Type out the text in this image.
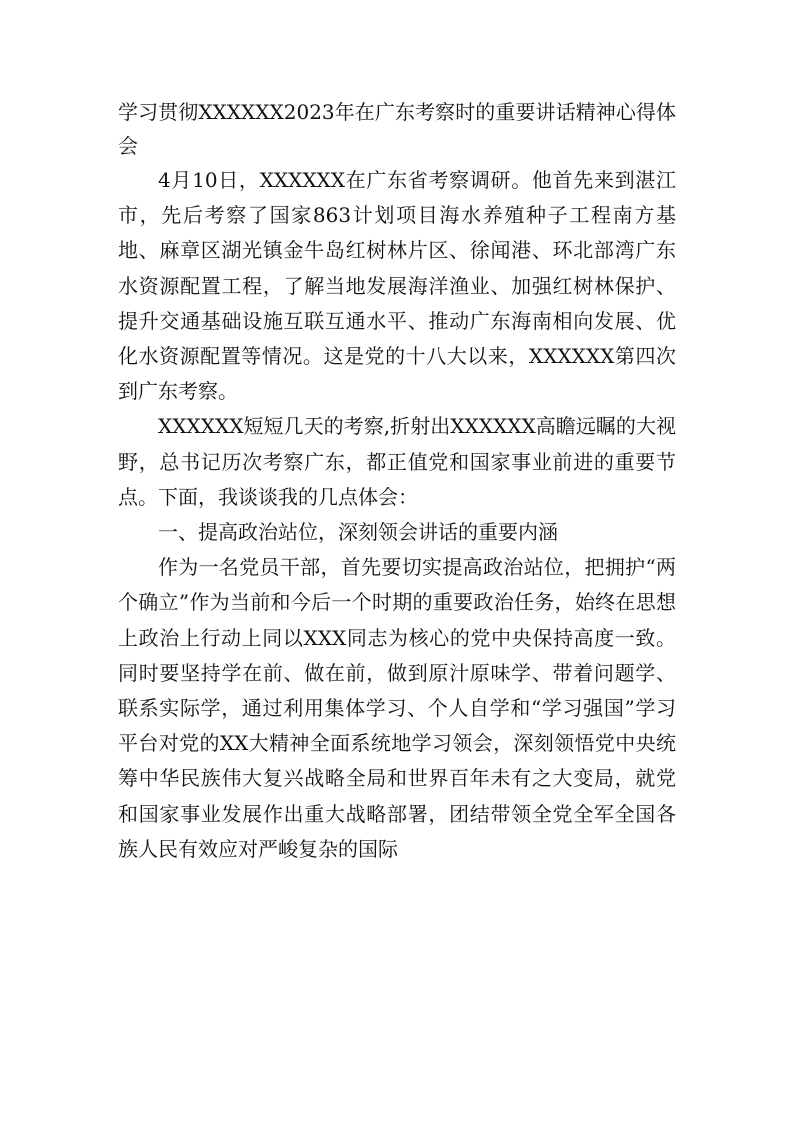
学习贯彻XXXXXX2023年在广东考察时的重要讲话精神心得体会

4月10日，XXXXXX在广东省考察调研。他首先来到湛江市，先后考察了国家863计划项目海水养殖种子工程南方基地、麻章区湖光镇金牛岛红树林片区、徐闻港、环北部湾广东水资源配置工程，了解当地发展海洋渔业、加强红树林保护、提升交通基础设施互联互通水平、推动广东海南相向发展、优化水资源配置等情况。这是党的十八大以来，XXXXXX第四次到广东考察。

XXXXXX短短几天的考察,折射出XXXXXX高瞻远瞩的大视野，总书记历次考察广东，都正值党和国家事业前进的重要节点。下面，我谈谈我的几点体会：

一、提高政治站位，深刻领会讲话的重要内涵

作为一名党员干部，首先要切实提高政治站位，把拥护“两个确立”作为当前和今后一个时期的重要政治任务，始终在思想上政治上行动上同以XXX同志为核心的党中央保持高度一致。同时要坚持学在前、做在前，做到原汁原味学、带着问题学、联系实际学，通过利用集体学习、个人自学和“学习强国”学习平台对党的XX大精神全面系统地学习领会，深刻领悟党中央统筹中华民族伟大复兴战略全局和世界百年未有之大变局，就党和国家事业发展作出重大战略部署，团结带领全党全军全国各族人民有效应对严峻复杂的国际
